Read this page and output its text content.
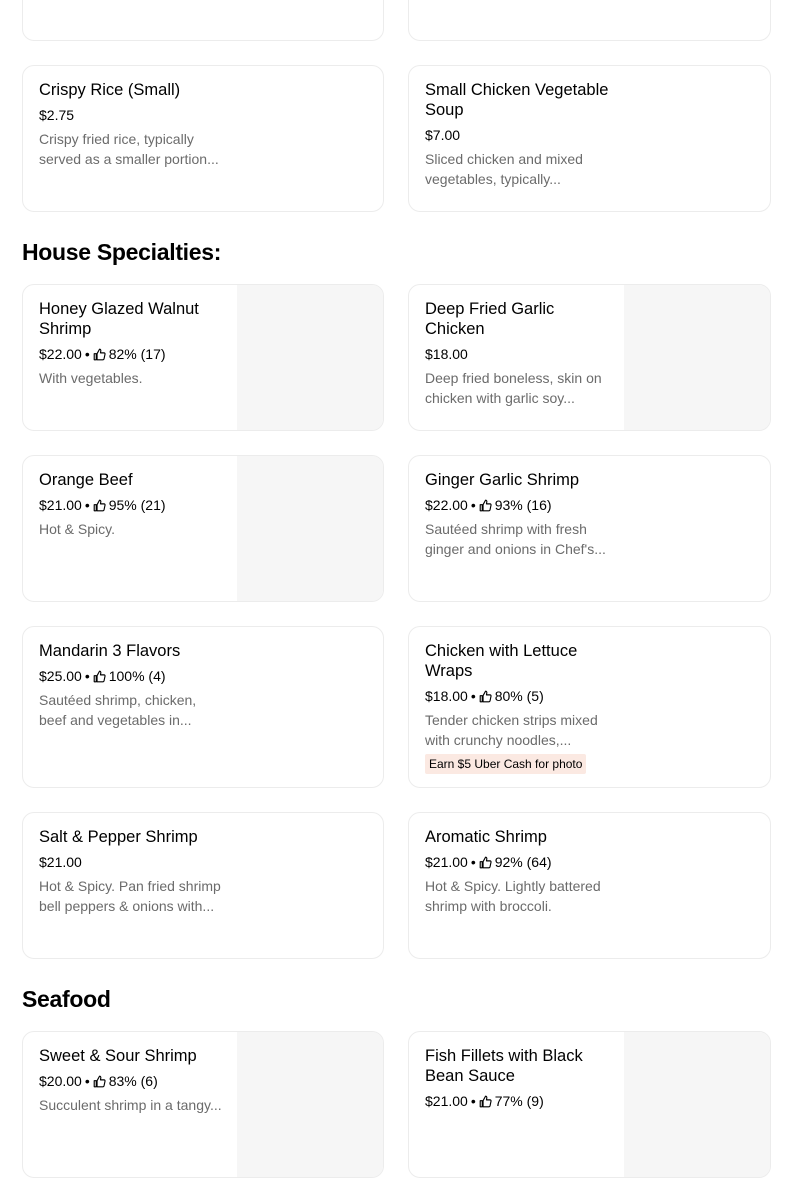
Crispy Rice (Small)
$2.75
Crispy fried rice, typically served as a smaller portion...
Small Chicken Vegetable Soup
$7.00
Sliced chicken and mixed vegetables, typically...
House Specialties:
Honey Glazed Walnut Shrimp
$22.00 • 82% (17)
With vegetables.
Deep Fried Garlic Chicken
$18.00
Deep fried boneless, skin on chicken with garlic soy...
Orange Beef
$21.00 • 95% (21)
Hot & Spicy.
Ginger Garlic Shrimp
$22.00 • 93% (16)
Sautéed shrimp with fresh ginger and onions in Chef's...
Mandarin 3 Flavors
$25.00 • 100% (4)
Sautéed shrimp, chicken, beef and vegetables in...
Chicken with Lettuce Wraps
$18.00 • 80% (5)
Tender chicken strips mixed with crunchy noodles,...
Earn $5 Uber Cash for photo
Salt & Pepper Shrimp
$21.00
Hot & Spicy. Pan fried shrimp bell peppers & onions with...
Aromatic Shrimp
$21.00 • 92% (64)
Hot & Spicy. Lightly battered shrimp with broccoli.
Seafood
Sweet & Sour Shrimp
$20.00 • 83% (6)
Succulent shrimp in a tangy...
Fish Fillets with Black Bean Sauce
$21.00 • 77% (9)
